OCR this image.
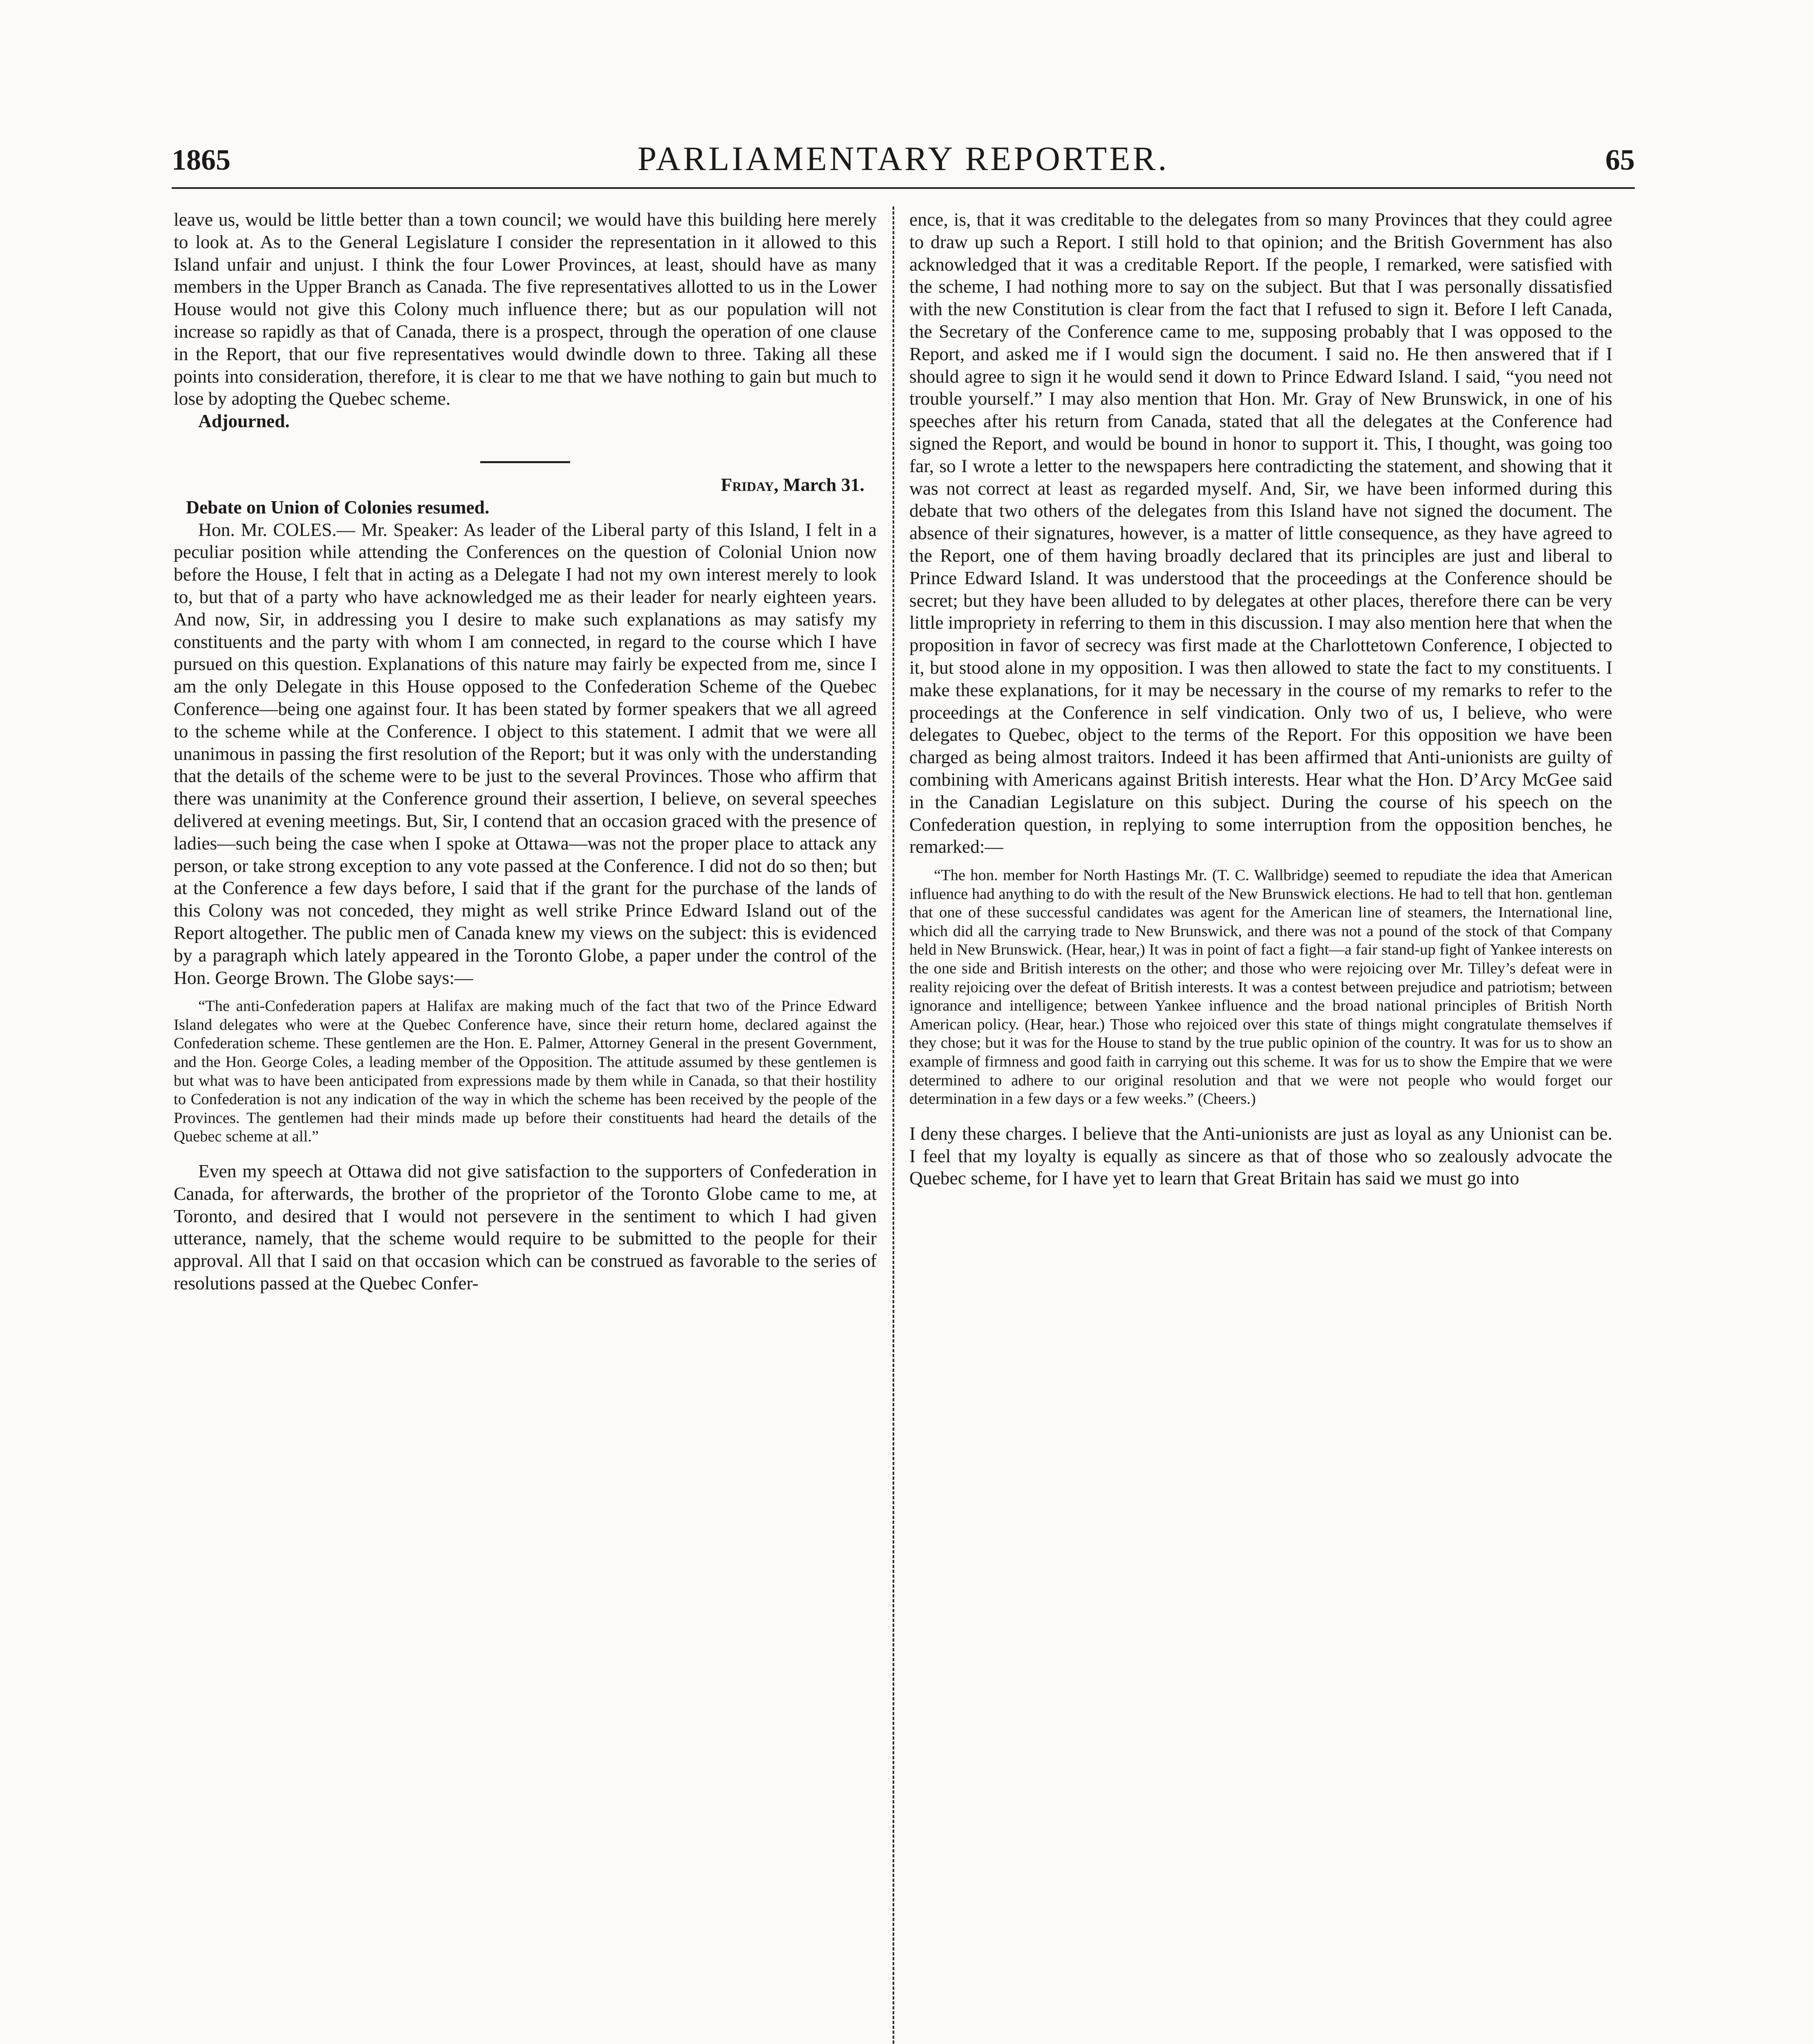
1865	PARLIAMENTARY REPORTER.	65

leave us, would be little better than a town council; we would have this building here merely to look at. As to the General Legislature I consider the representation in it allowed to this Island unfair and unjust. I think the four Lower Provinces, at least, should have as many members in the Upper Branch as Canada. The five representatives allotted to us in the Lower House would not give this Colony much influence there; but as our population will not increase so rapidly as that of Canada, there is a prospect, through the operation of one clause in the Report, that our five representatives would dwindle down to three. Taking all these points into consideration, therefore, it is clear to me that we have nothing to gain but much to lose by adopting the Quebec scheme.

Adjourned.

Friday, March 31.

Debate on Union of Colonies resumed.

Hon. Mr. COLES.— Mr. Speaker: As leader of the Liberal party of this Island, I felt in a peculiar position while attending the Conferences on the question of Colonial Union now before the House, I felt that in acting as a Delegate I had not my own interest merely to look to, but that of a party who have acknowledged me as their leader for nearly eighteen years. And now, Sir, in addressing you I desire to make such explanations as may satisfy my constituents and the party with whom I am connected, in regard to the course which I have pursued on this question. Explanations of this nature may fairly be expected from me, since I am the only Delegate in this House opposed to the Confederation Scheme of the Quebec Conference—being one against four. It has been stated by former speakers that we all agreed to the scheme while at the Conference. I object to this statement. I admit that we were all unanimous in passing the first resolution of the Report; but it was only with the understanding that the details of the scheme were to be just to the several Provinces. Those who affirm that there was unanimity at the Conference ground their assertion, I believe, on several speeches delivered at evening meetings. But, Sir, I contend that an occasion graced with the presence of ladies—such being the case when I spoke at Ottawa—was not the proper place to attack any person, or take strong exception to any vote passed at the Conference. I did not do so then; but at the Conference a few days before, I said that if the grant for the purchase of the lands of this Colony was not conceded, they might as well strike Prince Edward Island out of the Report altogether. The public men of Canada knew my views on the subject: this is evidenced by a paragraph which lately appeared in the Toronto Globe, a paper under the control of the Hon. George Brown. The Globe says:—

“The anti-Confederation papers at Halifax are making much of the fact that two of the Prince Edward Island delegates who were at the Quebec Conference have, since their return home, declared against the Confederation scheme. These gentlemen are the Hon. E. Palmer, Attorney General in the present Government, and the Hon. George Coles, a leading member of the Opposition. The attitude assumed by these gentlemen is but what was to have been anticipated from expressions made by them while in Canada, so that their hostility to Confederation is not any indication of the way in which the scheme has been received by the people of the Provinces. The gentlemen had their minds made up before their constituents had heard the details of the Quebec scheme at all.”

Even my speech at Ottawa did not give satisfaction to the supporters of Confederation in Canada, for afterwards, the brother of the proprietor of the Toronto Globe came to me, at Toronto, and desired that I would not persevere in the sentiment to which I had given utterance, namely, that the scheme would require to be submitted to the people for their approval. All that I said on that occasion which can be construed as favorable to the series of resolutions passed at the Quebec Confer-

ence, is, that it was creditable to the delegates from so many Provinces that they could agree to draw up such a Report. I still hold to that opinion; and the British Government has also acknowledged that it was a creditable Report. If the people, I remarked, were satisfied with the scheme, I had nothing more to say on the subject. But that I was personally dissatisfied with the new Constitution is clear from the fact that I refused to sign it. Before I left Canada, the Secretary of the Conference came to me, supposing probably that I was opposed to the Report, and asked me if I would sign the document. I said no. He then answered that if I should agree to sign it he would send it down to Prince Edward Island. I said, “you need not trouble yourself.” I may also mention that Hon. Mr. Gray of New Brunswick, in one of his speeches after his return from Canada, stated that all the delegates at the Conference had signed the Report, and would be bound in honor to support it. This, I thought, was going too far, so I wrote a letter to the newspapers here contradicting the statement, and showing that it was not correct at least as regarded myself. And, Sir, we have been informed during this debate that two others of the delegates from this Island have not signed the document. The absence of their signatures, however, is a matter of little consequence, as they have agreed to the Report, one of them having broadly declared that its principles are just and liberal to Prince Edward Island. It was understood that the proceedings at the Conference should be secret; but they have been alluded to by delegates at other places, therefore there can be very little impropriety in referring to them in this discussion. I may also mention here that when the proposition in favor of secrecy was first made at the Charlottetown Conference, I objected to it, but stood alone in my opposition. I was then allowed to state the fact to my constituents. I make these explanations, for it may be necessary in the course of my remarks to refer to the proceedings at the Conference in self vindication. Only two of us, I believe, who were delegates to Quebec, object to the terms of the Report. For this opposition we have been charged as being almost traitors. Indeed it has been affirmed that Anti-unionists are guilty of combining with Americans against British interests. Hear what the Hon. D’Arcy McGee said in the Canadian Legislature on this subject. During the course of his speech on the Confederation question, in replying to some interruption from the opposition benches, he remarked:—

“The hon. member for North Hastings Mr. (T. C. Wallbridge) seemed to repudiate the idea that American influence had anything to do with the result of the New Brunswick elections. He had to tell that hon. gentleman that one of these successful candidates was agent for the American line of steamers, the International line, which did all the carrying trade to New Brunswick, and there was not a pound of the stock of that Company held in New Brunswick. (Hear, hear,) It was in point of fact a fight—a fair stand-up fight of Yankee interests on the one side and British interests on the other; and those who were rejoicing over Mr. Tilley’s defeat were in reality rejoicing over the defeat of British interests. It was a contest between prejudice and patriotism; between ignorance and intelligence; between Yankee influence and the broad national principles of British North American policy. (Hear, hear.) Those who rejoiced over this state of things might congratulate themselves if they chose; but it was for the House to stand by the true public opinion of the country. It was for us to show an example of firmness and good faith in carrying out this scheme. It was for us to show the Empire that we were determined to adhere to our original resolution and that we were not people who would forget our determination in a few days or a few weeks.” (Cheers.)

I deny these charges. I believe that the Anti-unionists are just as loyal as any Unionist can be. I feel that my loyalty is equally as sincere as that of those who so zealously advocate the Quebec scheme, for I have yet to learn that Great Britain has said we must go into
